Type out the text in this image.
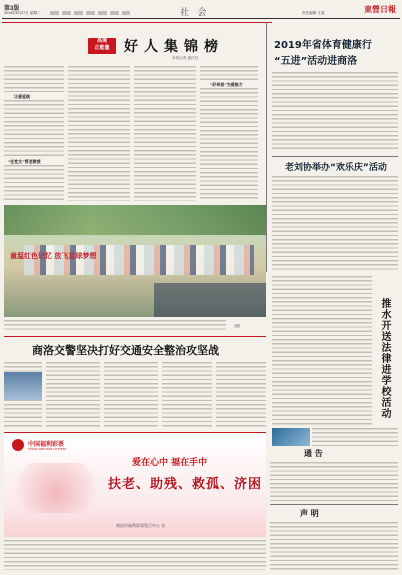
第3版
2019年8月27日 星期二	社 会	责任编辑 王某	東營日報
高境
正能量	好人集锦榜
本报记者 通讯员
让爱延续
“任性女”帮老教授
“好邻居”为爱接力
2019年省体育健康行
“五进”活动进商洛
老刘协举办“欢乐庆”活动
童温红色记忆 放飞足球梦想
(摄)	推水开送法律进学校活动
商洛交警坚决打好交通安全整治攻坚战
中国福利彩票
CHINA WELFARE LOTTERY
爱在心中 福在手中
扶老、助残、救孤、济困
商洛市福利彩票发行中心 宣
通 告
声 明
